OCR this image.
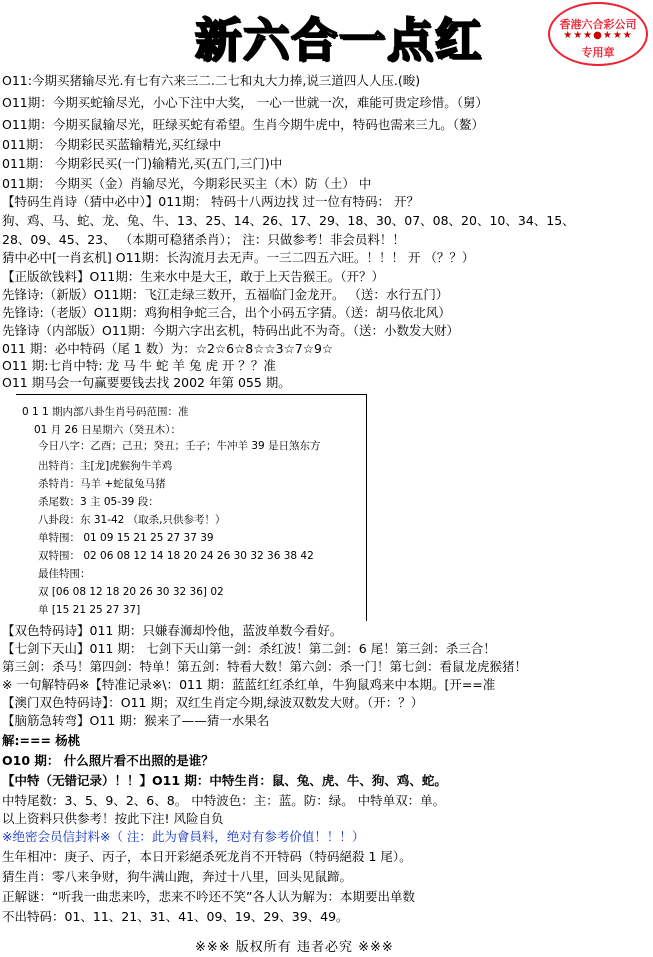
新六合一点红	香港六合彩公司
★★★●★★★
专用章
O11:今期买猪输尽光.有七有六来三二.二七和丸大力捧,说三道四人人压.(畯)
O11期：今期买蛇输尽光，小心下注中大奖， 一心一世就一次，难能可贵定珍惜。（舅）
O11期：今期买鼠输尽光，旺绿买蛇有希望。生肖今期牛虎中，特码也需来三九。（鳌）
011期： 今期彩民买蓝输精光,买红绿中
011期： 今期彩民买(一门)输精光,买(五门,三门)中
011期： 今期买（金）肖输尽光，今期彩民买主（木）防（土） 中
【特码生肖诗（猜中必中）】011期： 特码十八两边找 过一位有特码： 开？
狗、鸡、马、蛇、龙、兔、牛、13、25、14、26、17、29、18、30、07、08、20、10、34、15、
28、09、45、23、 （本期可稳猪杀肖）； 注：只做参考！非会员料！！
猜中必中[一肖玄机] O11期：长沟流月去无声。一三二四五六旺。！！！ 开 （？？）
【正版欲钱料】O11期：生来水中是大王，敢于上天告猴王。（开？）
先锋诗:（新版）O11期：飞江走绿三数开，五福临门金龙开。 （送：水行五门）
先锋诗:（老版）O11期：鸡狗相争蛇三合，出个小码五字猜。（送：胡马依北风）
先锋诗（内部版）O11期：今期六字出玄机，特码出此不为奇。（送：小数发大财）
011 期：必中特码（尾 1 数）为：☆2☆6☆8☆☆3☆7☆9☆
O11 期:七肖中特: 龙 马 牛 蛇 羊 兔 虎 开 ？？准
O11 期马会一句赢要要钱去找 2002 年第 055 期。
【双色特码诗】011 期：只嫌春浉却怜他，蓝波单数今看好。
【七剑下天山】011 期： 七剑下天山第一剑：杀红波！第二剑：6 尾！第三剑：杀三合！
第三剑：杀马！第四剑：特单！第五剑：特看大数！第六剑：杀一门！第七剑：看鼠龙虎猴猪！
※ 一句解特码※【特准记录※\：011 期：蓝蓝红红杀红单，牛狗鼠鸡来中本期。[开==准
【澳门双色特码诗】：O11 期；双红生肖定今期,绿波双数发大财。（开：？）
【脑筋急转弯】O11 期：猴来了——猜一水果名
解:=== 杨桃
O10 期： 什么照片看不出照的是谁？
【中特（无错记录）！！】O11 期：中特生肖：鼠、兔、虎、牛、狗、鸡、蛇。
中特尾数：3、5、9、2、6、8。 中特波色：主：蓝。防：绿。 中特单双：单。
以上资料只供参考！按此下注! 风险自负
※绝密会员信封料※（ 注：此为會員料，绝对有参考价值！！！）
生年相冲：庚子、丙子，本日开彩絕杀死龙肖不开特码（特码絕殺 1 尾）。
猜生肖：零八来争财，狗牛满山跑，奔过十八里，回头见鼠蹄。
正解谜：“听我一曲悲来吟，悲来不吟还不笑”各人认为解为：本期要出单数
不出特码：01、11、21、31、41、09、19、29、39、49。
0 1 1 期内部八卦生肖号码范围：准
01 月 26 日星期六（癸丑木）：
今日八字：乙酉；己丑；癸丑；壬子；牛冲羊 39 是日煞东方
出特肖：主[龙]虎猴狗牛羊鸡
杀特肖：马羊 +蛇鼠兔马猪
杀尾数：3 主 05-39 段：
八卦段：东 31-42 （取杀,只供参考！）
单特围： 01 09 15 21 25 27 37 39
双特围： 02 06 08 12 14 18 20 24 26 30 32 36 38 42
最佳特围：
双 [06 08 12 18 20 26 30 32 36] 02
单 [15 21 25 27 37]
※※※ 版权所有 违者必究 ※※※
